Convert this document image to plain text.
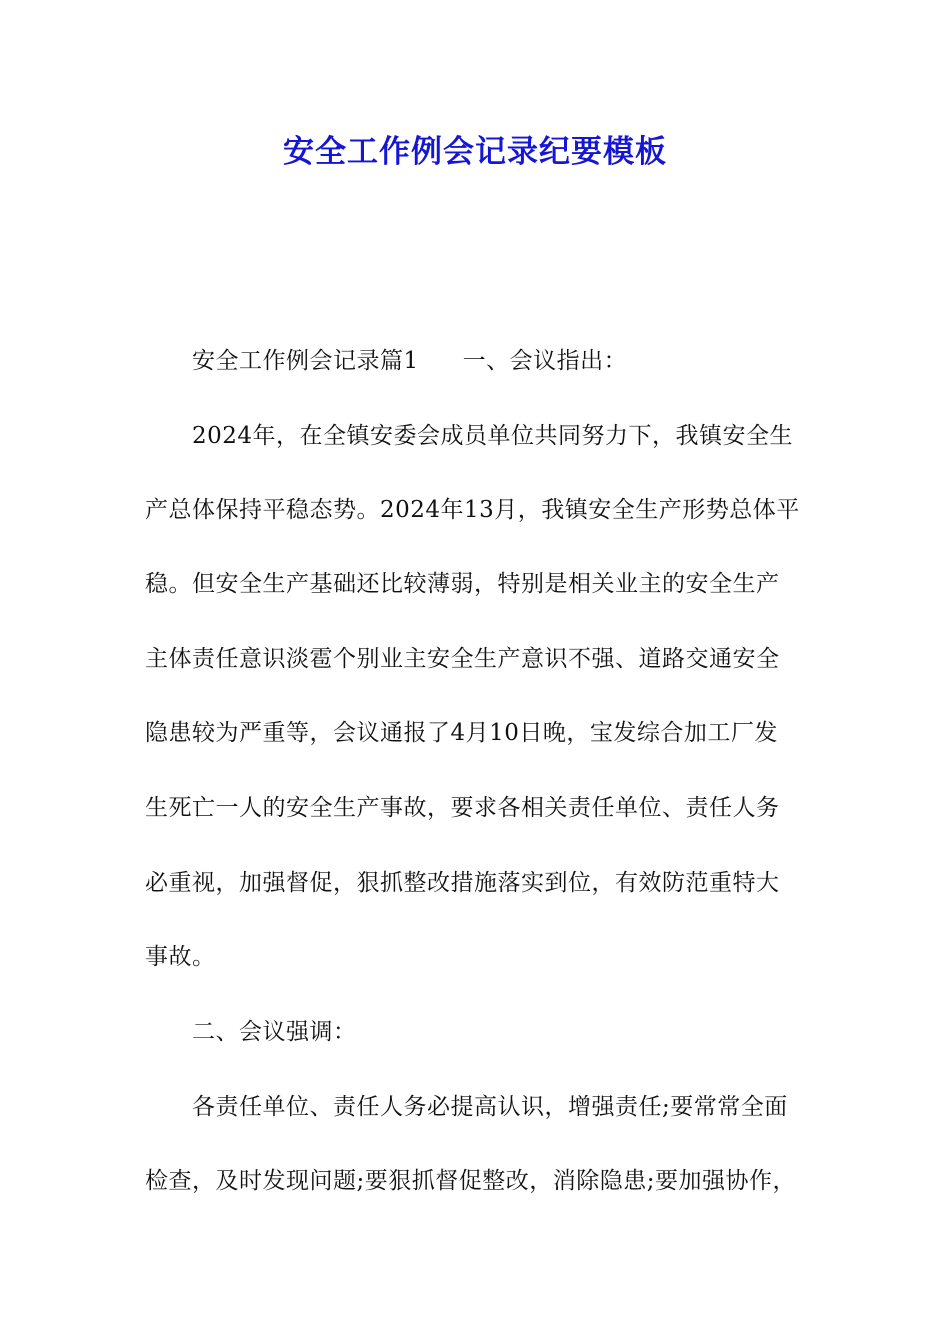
安全工作例会记录纪要模板
安全工作例会记录篇1 一、会议指出：
2024年，在全镇安委会成员单位共同努力下，我镇安全生
产总体保持平稳态势。2024年13月，我镇安全生产形势总体平
稳。但安全生产基础还比较薄弱，特别是相关业主的安全生产
主体责任意识淡雹个别业主安全生产意识不强、道路交通安全
隐患较为严重等，会议通报了4月10日晚，宝发综合加工厂发
生死亡一人的安全生产事故，要求各相关责任单位、责任人务
必重视，加强督促，狠抓整改措施落实到位，有效防范重特大
事故。
二、会议强调：
各责任单位、责任人务必提高认识，增强责任;要常常全面
检查，及时发现问题;要狠抓督促整改，消除隐患;要加强协作，
